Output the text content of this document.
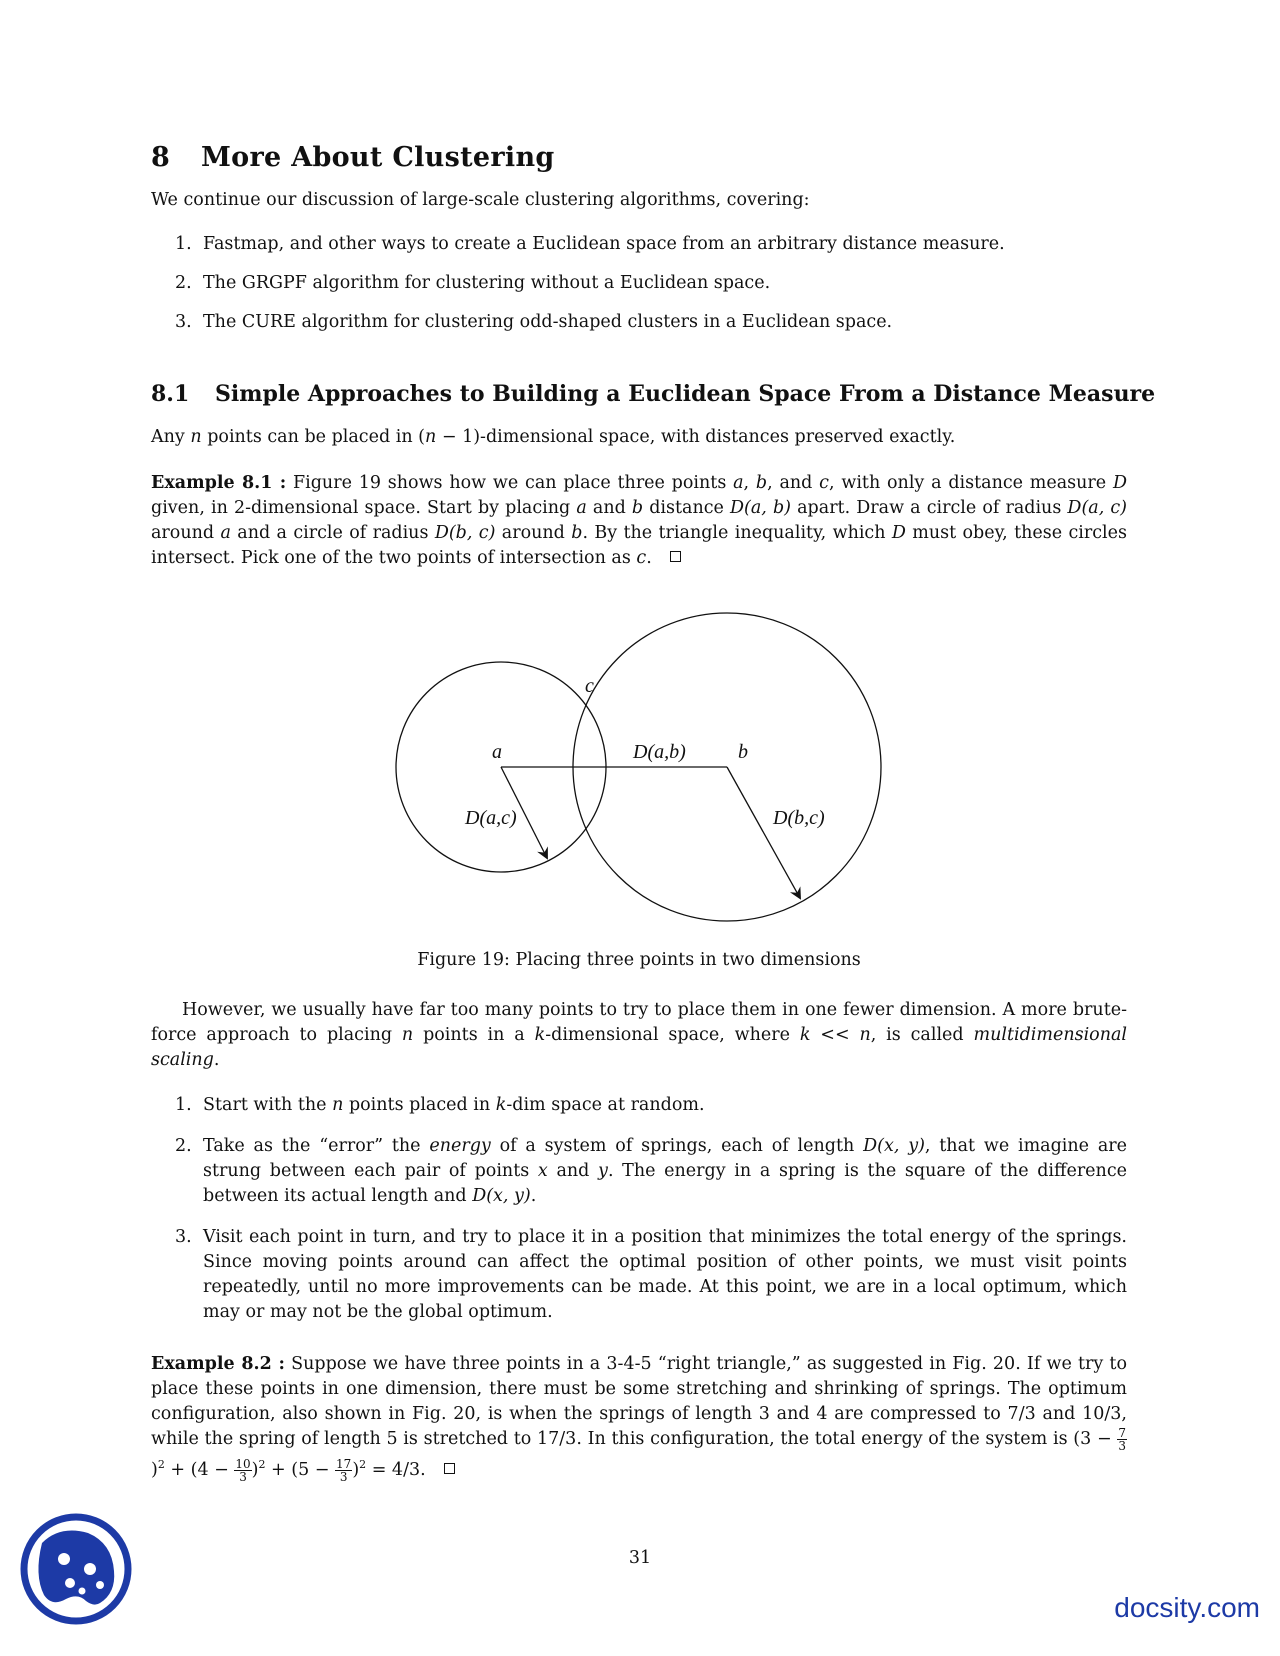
8 More About Clustering

We continue our discussion of large-scale clustering algorithms, covering:

1. Fastmap, and other ways to create a Euclidean space from an arbitrary distance measure.
2. The GRGPF algorithm for clustering without a Euclidean space.
3. The CURE algorithm for clustering odd-shaped clusters in a Euclidean space.
8.1 Simple Approaches to Building a Euclidean Space From a Distance Measure

Any n points can be placed in (n − 1)-dimensional space, with distances preserved exactly.

Example 8.1 : Figure 19 shows how we can place three points a, b, and c, with only a distance measure D given, in 2-dimensional space. Start by placing a and b distance D(a, b) apart. Draw a circle of radius D(a, c) around a and a circle of radius D(b, c) around b. By the triangle inequality, which D must obey, these circles intersect. Pick one of the two points of intersection as c.

c
a	D(a,b)	b
D(a,c)	D(b,c)
Figure 19: Placing three points in two dimensions

However, we usually have far too many points to try to place them in one fewer dimension. A more brute-force approach to placing n points in a k-dimensional space, where k << n, is called multidimensional scaling.

1. Start with the n points placed in k-dim space at random.
2. Take as the “error” the energy of a system of springs, each of length D(x, y), that we imagine are strung between each pair of points x and y. The energy in a spring is the square of the difference between its actual length and D(x, y).
3. Visit each point in turn, and try to place it in a position that minimizes the total energy of the springs. Since moving points around can affect the optimal position of other points, we must visit points repeatedly, until no more improvements can be made. At this point, we are in a local optimum, which may or may not be the global optimum.

Example 8.2 : Suppose we have three points in a 3-4-5 “right triangle,” as suggested in Fig. 20. If we try to place these points in one dimension, there must be some stretching and shrinking of springs. The optimum configuration, also shown in Fig. 20, is when the springs of length 3 and 4 are compressed to 7/3 and 10/3, while the spring of length 5 is stretched to 17/3. In this configuration, the total energy of the system is ($3 - \frac{7}{3}$
)$^2 + (4 - \frac{10}{3} )^2 + (5 - \frac{17}{3} )^2 = 4/3$.

31
docsity.com
